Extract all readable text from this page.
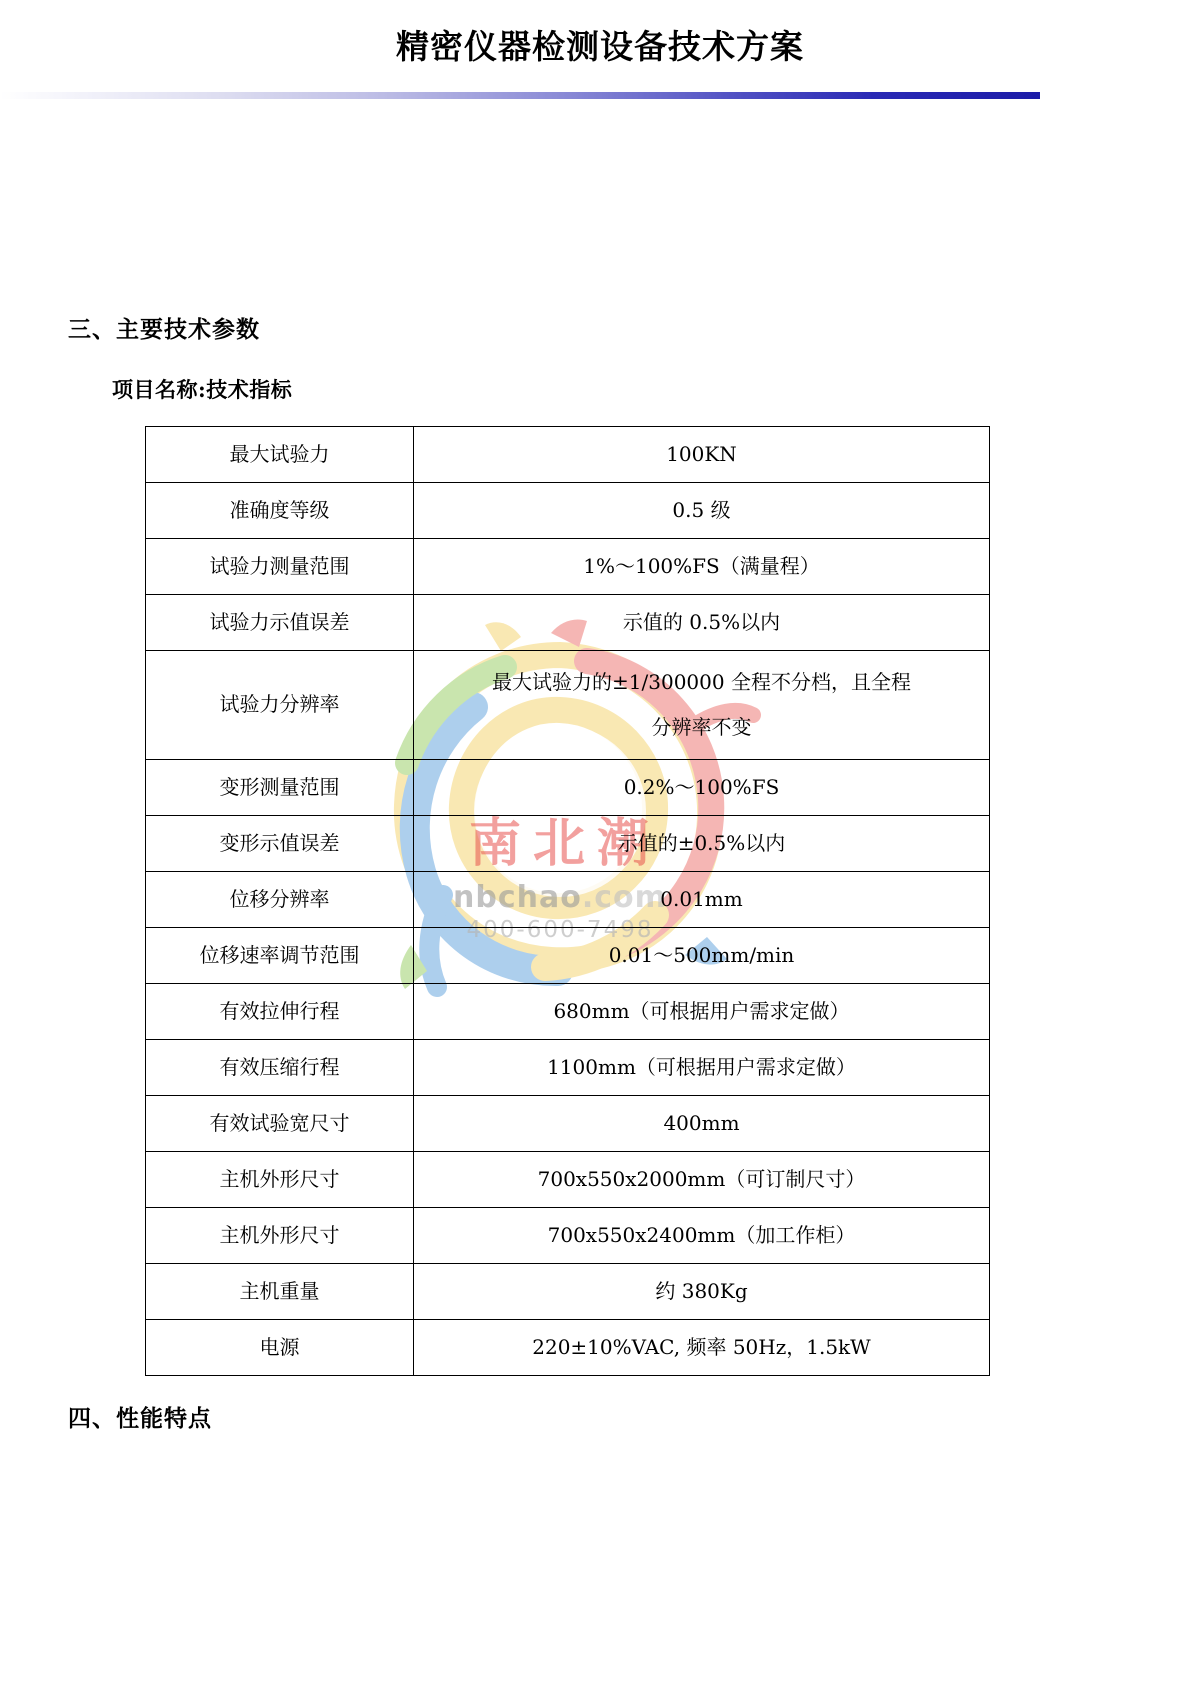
精密仪器检测设备技术方案
南北潮
nbchao.com
400-600-7498
三、主要技术参数
项目名称:技术指标
最大试验力	100KN
准确度等级	0.5 级
试验力测量范围	1%～100%FS（满量程）
试验力示值误差	示值的 0.5%以内
试验力分辨率	最大试验力的±1/300000 全程不分档，且全程
分辨率不变

变形测量范围	0.2%～100%FS
变形示值误差	示值的±0.5%以内
位移分辨率	0.01mm
位移速率调节范围	0.01～500mm/min
有效拉伸行程	680mm（可根据用户需求定做）
有效压缩行程	1100mm（可根据用户需求定做）
有效试验宽尺寸	400mm
主机外形尺寸	700x550x2000mm（可订制尺寸）
主机外形尺寸	700x550x2400mm（加工作柜）
主机重量	约 380Kg
电源	220±10%VAC, 频率 50Hz，1.5kW
四、性能特点
